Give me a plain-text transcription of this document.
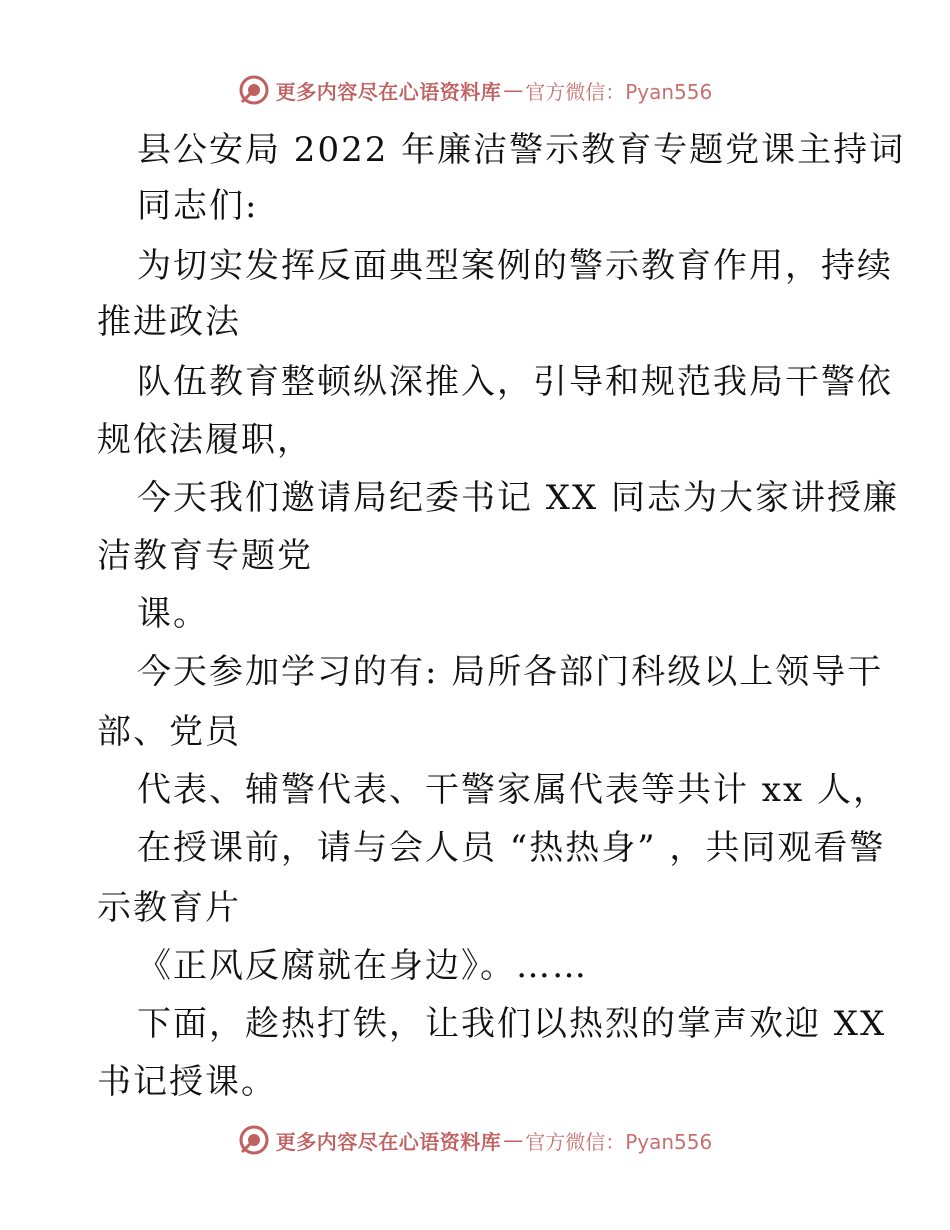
更多内容尽在心语资料库 — 官方微信：Pyan556
县公安局 2022 年廉洁警示教育专题党课主持词
同志们:
为切实发挥反面典型案例的警示教育作用，持续
推进政法
队伍教育整顿纵深推入，引导和规范我局干警依
规依法履职，
今天我们邀请局纪委书记 XX 同志为大家讲授廉
洁教育专题党
课。
今天参加学习的有: 局所各部门科级以上领导干
部、党员
代表、辅警代表、干警家属代表等共计 xx 人，
在授课前，请与会人员 “热热身” ，共同观看警
示教育片
《正风反腐就在身边》。……
下面，趁热打铁，让我们以热烈的掌声欢迎 XX
书记授课。
更多内容尽在心语资料库 — 官方微信：Pyan556
